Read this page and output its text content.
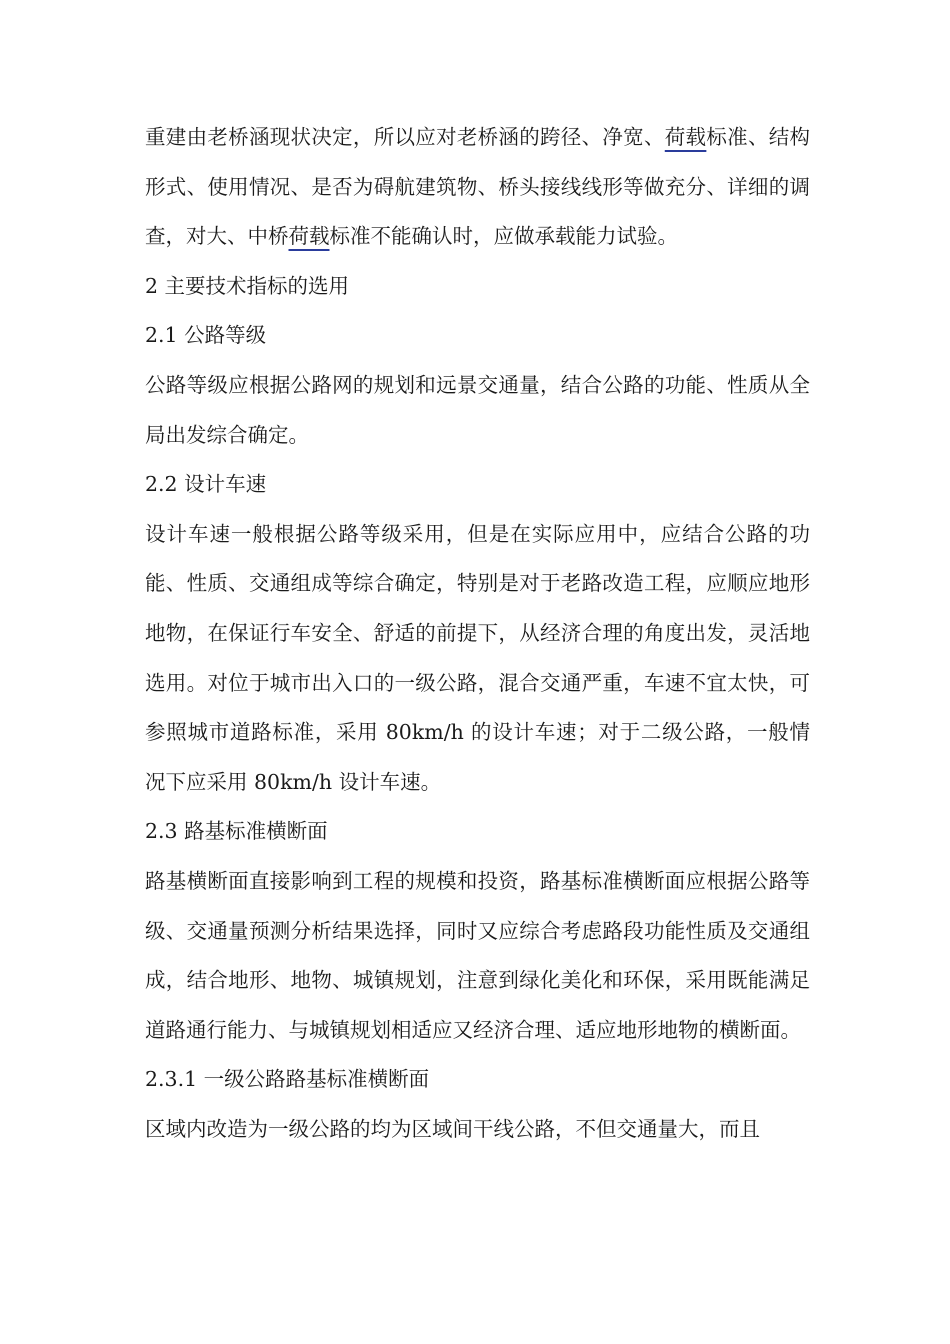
重建由老桥涵现状决定，所以应对老桥涵的跨径、净宽、荷载标准、结构形式、使用情况、是否为碍航建筑物、桥头接线线形等做充分、详细的调查，对大、中桥荷载标准不能确认时，应做承载能力试验。

2 主要技术指标的选用

2.1 公路等级

公路等级应根据公路网的规划和远景交通量，结合公路的功能、性质从全局出发综合确定。

2.2 设计车速

设计车速一般根据公路等级采用，但是在实际应用中，应结合公路的功能、性质、交通组成等综合确定，特别是对于老路改造工程，应顺应地形地物，在保证行车安全、舒适的前提下，从经济合理的角度出发，灵活地选用。对位于城市出入口的一级公路，混合交通严重，车速不宜太快，可参照城市道路标准，采用 80km/h 的设计车速；对于二级公路，一般情况下应采用 80km/h 设计车速。

2.3 路基标准横断面

路基横断面直接影响到工程的规模和投资，路基标准横断面应根据公路等级、交通量预测分析结果选择，同时又应综合考虑路段功能性质及交通组成，结合地形、地物、城镇规划，注意到绿化美化和环保，采用既能满足道路通行能力、与城镇规划相适应又经济合理、适应地形地物的横断面。

2.3.1 一级公路路基标准横断面

区域内改造为一级公路的均为区域间干线公路，不但交通量大，而且
